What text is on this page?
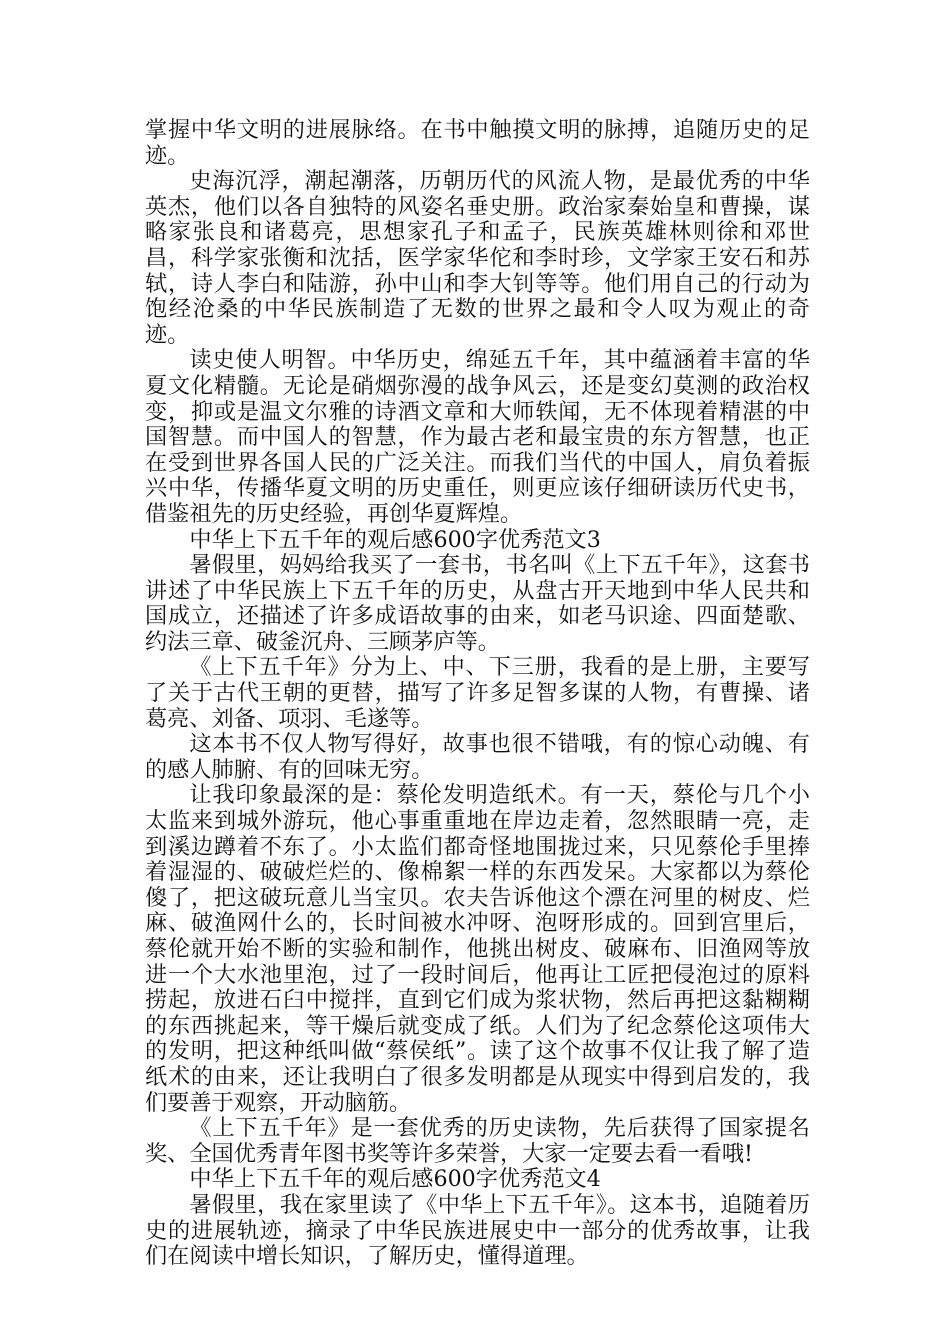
掌握中华文明的进展脉络。在书中触摸文明的脉搏，追随历史的足迹。

史海沉浮，潮起潮落，历朝历代的风流人物，是最优秀的中华英杰，他们以各自独特的风姿名垂史册。政治家秦始皇和曹操，谋略家张良和诸葛亮，思想家孔子和孟子，民族英雄林则徐和邓世昌，科学家张衡和沈括，医学家华佗和李时珍，文学家王安石和苏轼，诗人李白和陆游，孙中山和李大钊等等。他们用自己的行动为饱经沧桑的中华民族制造了无数的世界之最和令人叹为观止的奇迹。

读史使人明智。中华历史，绵延五千年，其中蕴涵着丰富的华夏文化精髓。无论是硝烟弥漫的战争风云，还是变幻莫测的政治权变，抑或是温文尔雅的诗酒文章和大师轶闻，无不体现着精湛的中国智慧。而中国人的智慧，作为最古老和最宝贵的东方智慧，也正在受到世界各国人民的广泛关注。而我们当代的中国人，肩负着振兴中华，传播华夏文明的历史重任，则更应该仔细研读历代史书，借鉴祖先的历史经验，再创华夏辉煌。

中华上下五千年的观后感600字优秀范文3

暑假里，妈妈给我买了一套书，书名叫《上下五千年》，这套书讲述了中华民族上下五千年的历史，从盘古开天地到中华人民共和国成立，还描述了许多成语故事的由来，如老马识途、四面楚歌、约法三章、破釜沉舟、三顾茅庐等。

《上下五千年》分为上、中、下三册，我看的是上册，主要写了关于古代王朝的更替，描写了许多足智多谋的人物，有曹操、诸葛亮、刘备、项羽、毛遂等。

这本书不仅人物写得好，故事也很不错哦，有的惊心动魄、有的感人肺腑、有的回味无穷。

让我印象最深的是：蔡伦发明造纸术。有一天，蔡伦与几个小太监来到城外游玩，他心事重重地在岸边走着，忽然眼睛一亮，走到溪边蹲着不东了。小太监们都奇怪地围拢过来，只见蔡伦手里捧着湿湿的、破破烂烂的、像棉絮一样的东西发呆。大家都以为蔡伦傻了，把这破玩意儿当宝贝。农夫告诉他这个漂在河里的树皮、烂麻、破渔网什么的，长时间被水冲呀、泡呀形成的。回到宫里后，蔡伦就开始不断的实验和制作，他挑出树皮、破麻布、旧渔网等放进一个大水池里泡，过了一段时间后，他再让工匠把侵泡过的原料捞起，放进石臼中搅拌，直到它们成为浆状物，然后再把这黏糊糊的东西挑起来，等干燥后就变成了纸。人们为了纪念蔡伦这项伟大的发明，把这种纸叫做“蔡侯纸”。读了这个故事不仅让我了解了造纸术的由来，还让我明白了很多发明都是从现实中得到启发的，我们要善于观察，开动脑筋。

《上下五千年》是一套优秀的历史读物，先后获得了国家提名奖、全国优秀青年图书奖等许多荣誉，大家一定要去看一看哦!

中华上下五千年的观后感600字优秀范文4

暑假里，我在家里读了《中华上下五千年》。这本书，追随着历史的进展轨迹，摘录了中华民族进展史中一部分的优秀故事，让我们在阅读中增长知识，了解历史，懂得道理。
